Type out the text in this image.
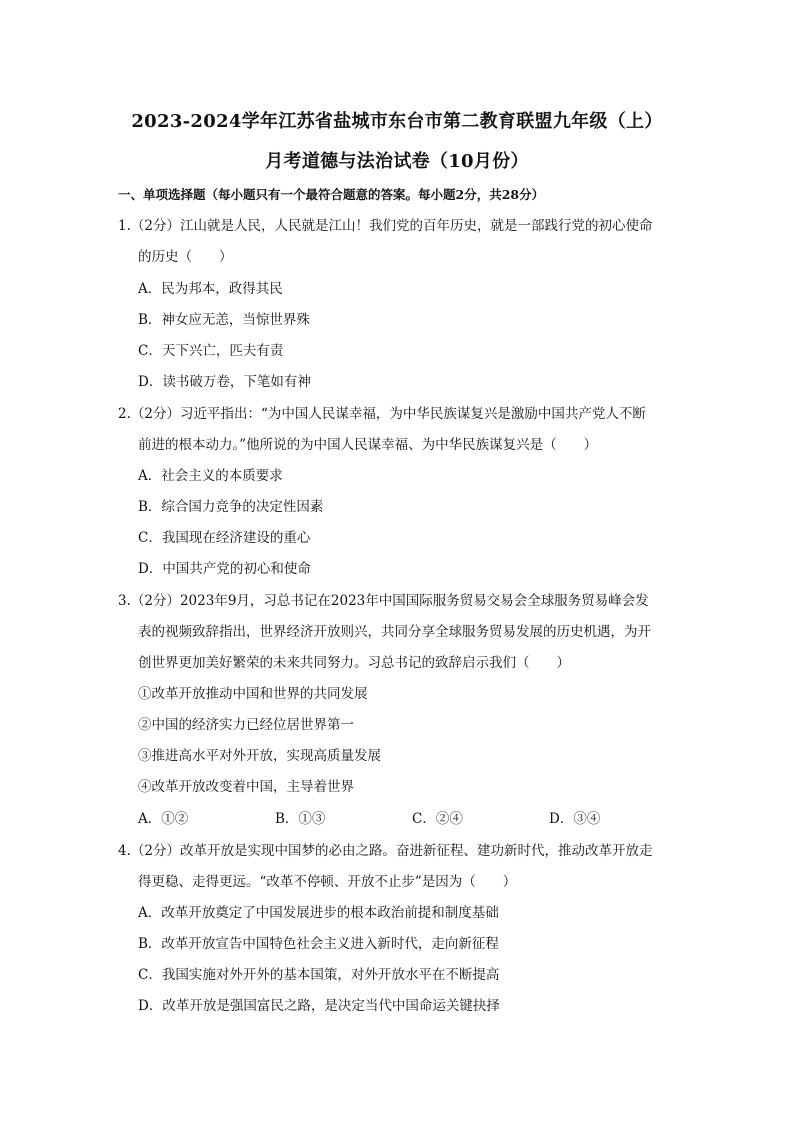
2023-2024学年江苏省盐城市东台市第二教育联盟九年级（上）
月考道德与法治试卷（10月份）
一、单项选择题（每小题只有一个最符合题意的答案。每小题2分，共28分）
1.（2分）江山就是人民，人民就是江山！我们党的百年历史，就是一部践行党的初心使命
的历史（　　）
A．民为邦本，政得其民
B．神女应无恙，当惊世界殊
C．天下兴亡，匹夫有责
D．读书破万卷，下笔如有神
2.（2分）习近平指出：“为中国人民谋幸福，为中华民族谋复兴是激励中国共产党人不断
前进的根本动力。”他所说的为中国人民谋幸福、为中华民族谋复兴是（　　）
A．社会主义的本质要求
B．综合国力竞争的决定性因素
C．我国现在经济建设的重心
D．中国共产党的初心和使命
3.（2分）2023年9月，习总书记在2023年中国国际服务贸易交易会全球服务贸易峰会发
表的视频致辞指出，世界经济开放则兴，共同分享全球服务贸易发展的历史机遇，为开
创世界更加美好繁荣的未来共同努力。习总书记的致辞启示我们（　　）
①改革开放推动中国和世界的共同发展
②中国的经济实力已经位居世界第一
③推进高水平对外开放，实现高质量发展
④改革开放改变着中国，主导着世界
A．①②	B．①③	C．②④	D．③④
4.（2分）改革开放是实现中国梦的必由之路。奋进新征程、建功新时代，推动改革开放走
得更稳、走得更远。“改革不停顿、开放不止步”是因为（　　）
A．改革开放奠定了中国发展进步的根本政治前提和制度基础
B．改革开放宣告中国特色社会主义进入新时代，走向新征程
C．我国实施对外开外的基本国策，对外开放水平在不断提高
D．改革开放是强国富民之路，是决定当代中国命运关键抉择
